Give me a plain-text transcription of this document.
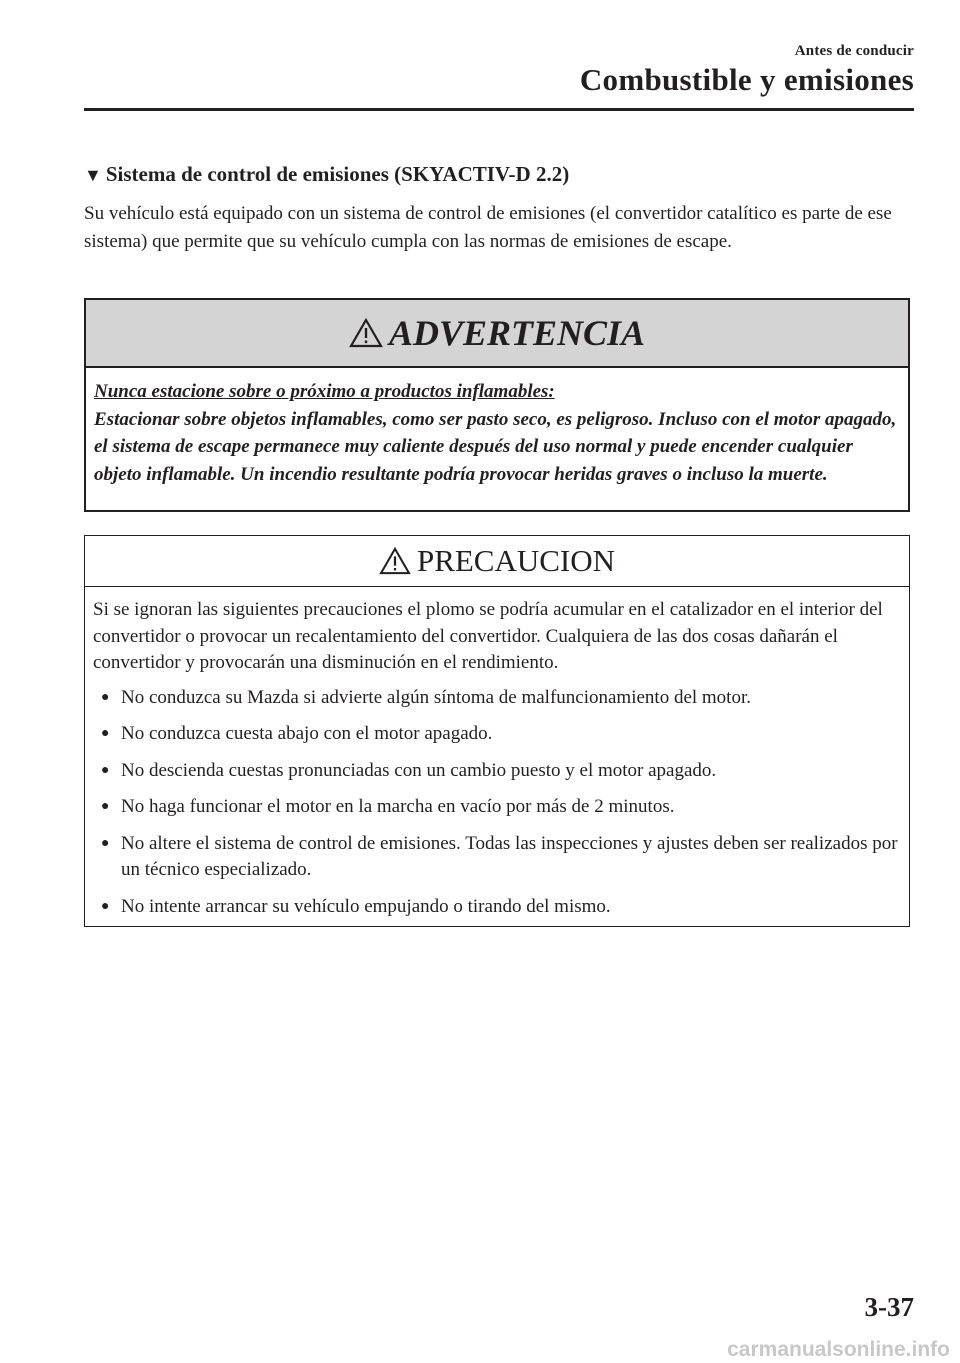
Antes de conducir
Combustible y emisiones
▼ Sistema de control de emisiones (SKYACTIV-D 2.2)
Su vehículo está equipado con un sistema de control de emisiones (el convertidor catalítico es parte de ese sistema) que permite que su vehículo cumpla con las normas de emisiones de escape.
ADVERTENCIA
Nunca estacione sobre o próximo a productos inflamables:
Estacionar sobre objetos inflamables, como ser pasto seco, es peligroso. Incluso con el motor apagado, el sistema de escape permanece muy caliente después del uso normal y puede encender cualquier objeto inflamable. Un incendio resultante podría provocar heridas graves o incluso la muerte.
PRECAUCION
Si se ignoran las siguientes precauciones el plomo se podría acumular en el catalizador en el interior del convertidor o provocar un recalentamiento del convertidor. Cualquiera de las dos cosas dañarán el convertidor y provocarán una disminución en el rendimiento.
● No conduzca su Mazda si advierte algún síntoma de malfuncionamiento del motor.
● No conduzca cuesta abajo con el motor apagado.
● No descienda cuestas pronunciadas con un cambio puesto y el motor apagado.
● No haga funcionar el motor en la marcha en vacío por más de 2 minutos.
● No altere el sistema de control de emisiones. Todas las inspecciones y ajustes deben ser realizados por un técnico especializado.
● No intente arrancar su vehículo empujando o tirando del mismo.
3-37
carmanualsonline.info
